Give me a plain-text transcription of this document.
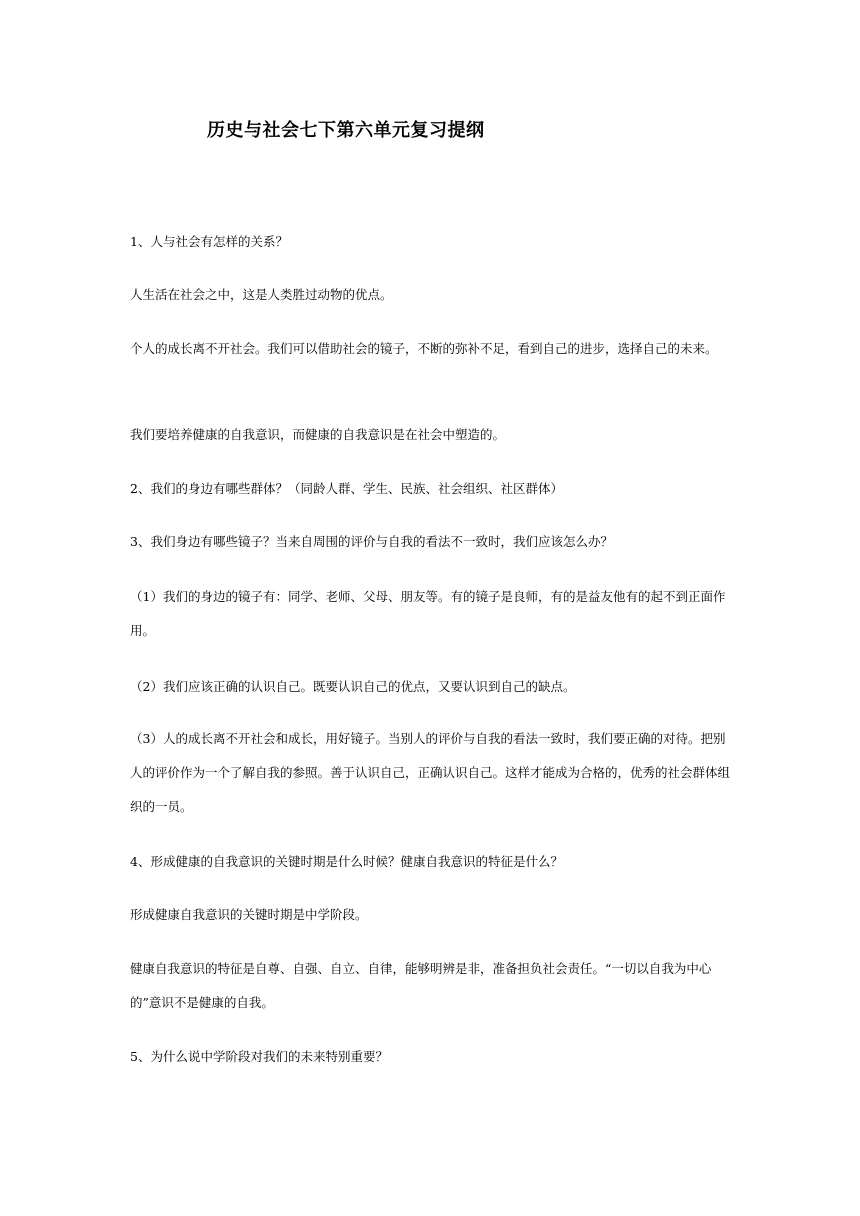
历史与社会七下第六单元复习提纲

1、人与社会有怎样的关系？

人生活在社会之中，这是人类胜过动物的优点。

个人的成长离不开社会。我们可以借助社会的镜子，不断的弥补不足，看到自己的进步，选择自己的未来。

我们要培养健康的自我意识，而健康的自我意识是在社会中塑造的。

2、我们的身边有哪些群体？（同龄人群、学生、民族、社会组织、社区群体）

3、我们身边有哪些镜子？当来自周围的评价与自我的看法不一致时，我们应该怎么办？

（1）我们的身边的镜子有：同学、老师、父母、朋友等。有的镜子是良师，有的是益友他有的起不到正面作用。

（2）我们应该正确的认识自己。既要认识自己的优点，又要认识到自己的缺点。

（3）人的成长离不开社会和成长，用好镜子。当别人的评价与自我的看法一致时，我们要正确的对待。把别人的评价作为一个了解自我的参照。善于认识自己，正确认识自己。这样才能成为合格的，优秀的社会群体组织的一员。

4、形成健康的自我意识的关键时期是什么时候？健康自我意识的特征是什么？

形成健康自我意识的关键时期是中学阶段。

健康自我意识的特征是自尊、自强、自立、自律，能够明辨是非，准备担负社会责任。“一切以自我为中心的”意识不是健康的自我。

5、为什么说中学阶段对我们的未来特别重要？
